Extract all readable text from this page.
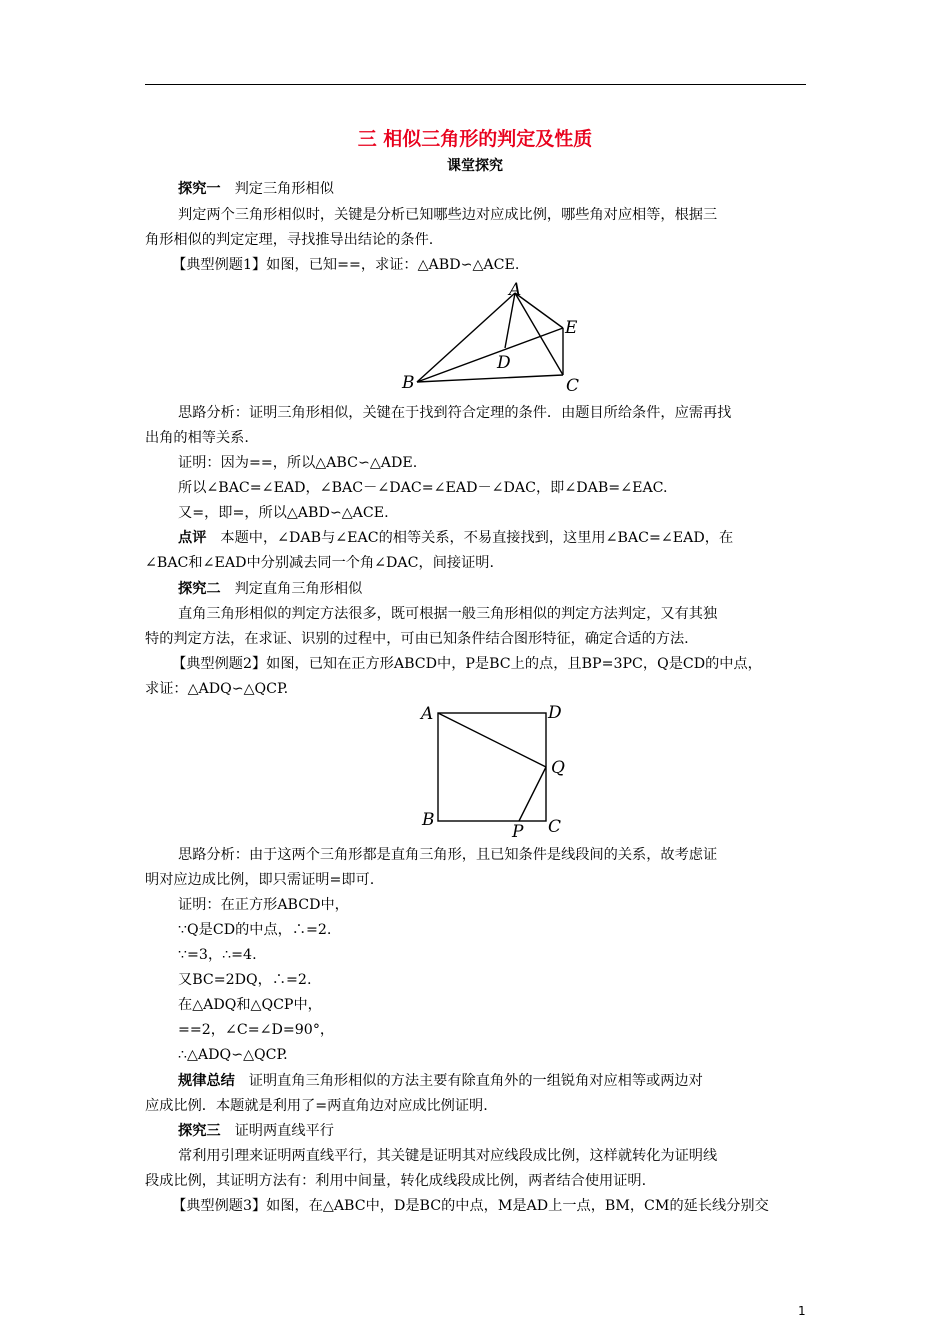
三 相似三角形的判定及性质
课堂探究
探究一 判定三角形相似
判定两个三角形相似时，关键是分析已知哪些边对应成比例，哪些角对应相等，根据三
角形相似的判定定理，寻找推导出结论的条件.
【典型例题1】如图，已知==，求证：△ABD∽△ACE.
A
B	C
D
E
思路分析：证明三角形相似，关键在于找到符合定理的条件．由题目所给条件，应需再找
出角的相等关系.
证明：因为==，所以△ABC∽△ADE.
所以∠BAC=∠EAD，∠BAC－∠DAC=∠EAD－∠DAC，即∠DAB=∠EAC.
又=，即=，所以△ABD∽△ACE.
点评 本题中，∠DAB与∠EAC的相等关系，不易直接找到，这里用∠BAC=∠EAD，在
∠BAC和∠EAD中分别减去同一个角∠DAC，间接证明.
探究二 判定直角三角形相似
直角三角形相似的判定方法很多，既可根据一般三角形相似的判定方法判定，又有其独
特的判定方法，在求证、识别的过程中，可由已知条件结合图形特征，确定合适的方法.
【典型例题2】如图，已知在正方形ABCD中，P是BC上的点，且BP=3PC，Q是CD的中点，
求证：△ADQ∽△QCP.
A	D
Q
B
P C
思路分析：由于这两个三角形都是直角三角形，且已知条件是线段间的关系，故考虑证
明对应边成比例，即只需证明=即可.
证明：在正方形ABCD中，
∵Q是CD的中点，∴=2.
∵=3，∴=4.
又BC=2DQ，∴=2.
在△ADQ和△QCP中，
==2，∠C=∠D=90°，
∴△ADQ∽△QCP.
规律总结 证明直角三角形相似的方法主要有除直角外的一组锐角对应相等或两边对
应成比例．本题就是利用了=两直角边对应成比例证明.
探究三 证明两直线平行
常利用引理来证明两直线平行，其关键是证明其对应线段成比例，这样就转化为证明线
段成比例，其证明方法有：利用中间量，转化成线段成比例，两者结合使用证明.
【典型例题3】如图，在△ABC中，D是BC的中点，M是AD上一点，BM，CM的延长线分别交
1
